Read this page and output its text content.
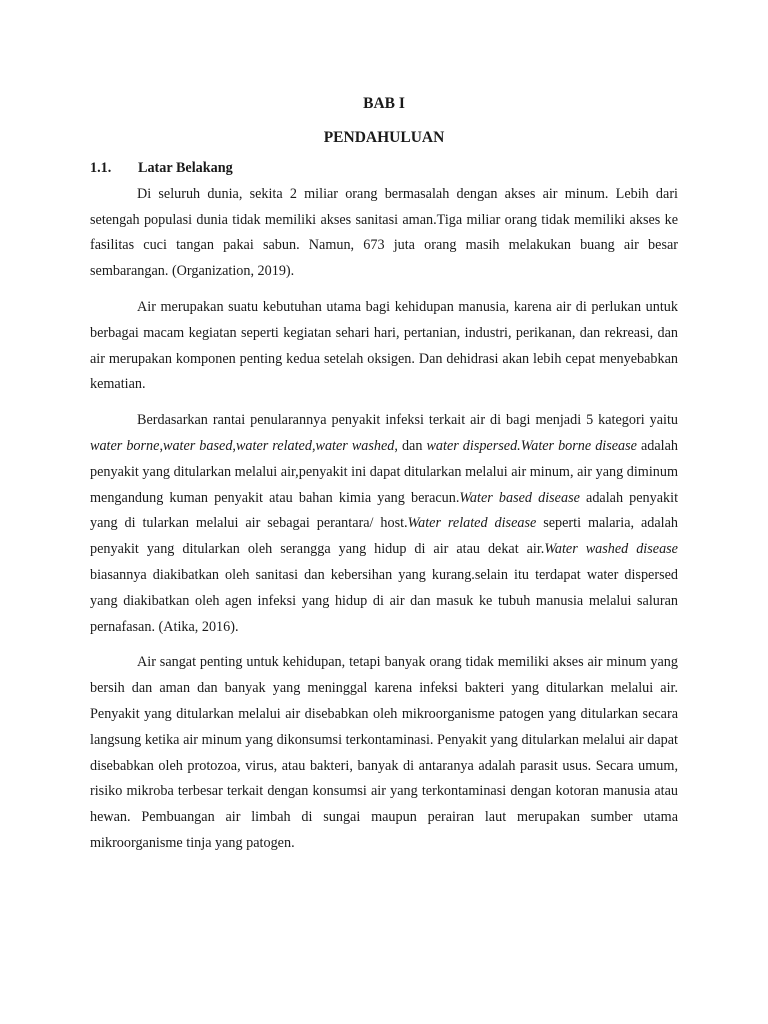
BAB I

PENDAHULUAN

1.1.	Latar Belakang

Di seluruh dunia, sekita 2 miliar orang bermasalah dengan akses air minum. Lebih dari setengah populasi dunia tidak memiliki akses sanitasi aman.Tiga miliar orang tidak memiliki akses ke fasilitas cuci tangan pakai sabun. Namun, 673 juta orang masih melakukan buang air besar sembarangan. (Organization, 2019).

Air merupakan suatu kebutuhan utama bagi kehidupan manusia, karena air di perlukan untuk berbagai macam kegiatan seperti kegiatan sehari hari, pertanian, industri, perikanan, dan rekreasi, dan air merupakan komponen penting kedua setelah oksigen. Dan dehidrasi akan lebih cepat menyebabkan kematian.

Berdasarkan rantai penularannya penyakit infeksi terkait air di bagi menjadi 5 kategori yaitu water borne,water based,water related,water washed, dan water dispersed.Water borne disease adalah penyakit yang ditularkan melalui air,penyakit ini dapat ditularkan melalui air minum, air yang diminum mengandung kuman penyakit atau bahan kimia yang beracun.Water based disease adalah penyakit yang di tularkan melalui air sebagai perantara/ host.Water related disease seperti malaria, adalah penyakit yang ditularkan oleh serangga yang hidup di air atau dekat air.Water washed disease biasannya diakibatkan oleh sanitasi dan kebersihan yang kurang.selain itu terdapat water dispersed yang diakibatkan oleh agen infeksi yang hidup di air dan masuk ke tubuh manusia melalui saluran pernafasan. (Atika, 2016).

Air sangat penting untuk kehidupan, tetapi banyak orang tidak memiliki akses air minum yang bersih dan aman dan banyak yang meninggal karena infeksi bakteri yang ditularkan melalui air. Penyakit yang ditularkan melalui air disebabkan oleh mikroorganisme patogen yang ditularkan secara langsung ketika air minum yang dikonsumsi terkontaminasi. Penyakit yang ditularkan melalui air dapat disebabkan oleh protozoa, virus, atau bakteri, banyak di antaranya adalah parasit usus. Secara umum, risiko mikroba terbesar terkait dengan konsumsi air yang terkontaminasi dengan kotoran manusia atau hewan. Pembuangan air limbah di sungai maupun perairan laut merupakan sumber utama mikroorganisme tinja yang patogen.
